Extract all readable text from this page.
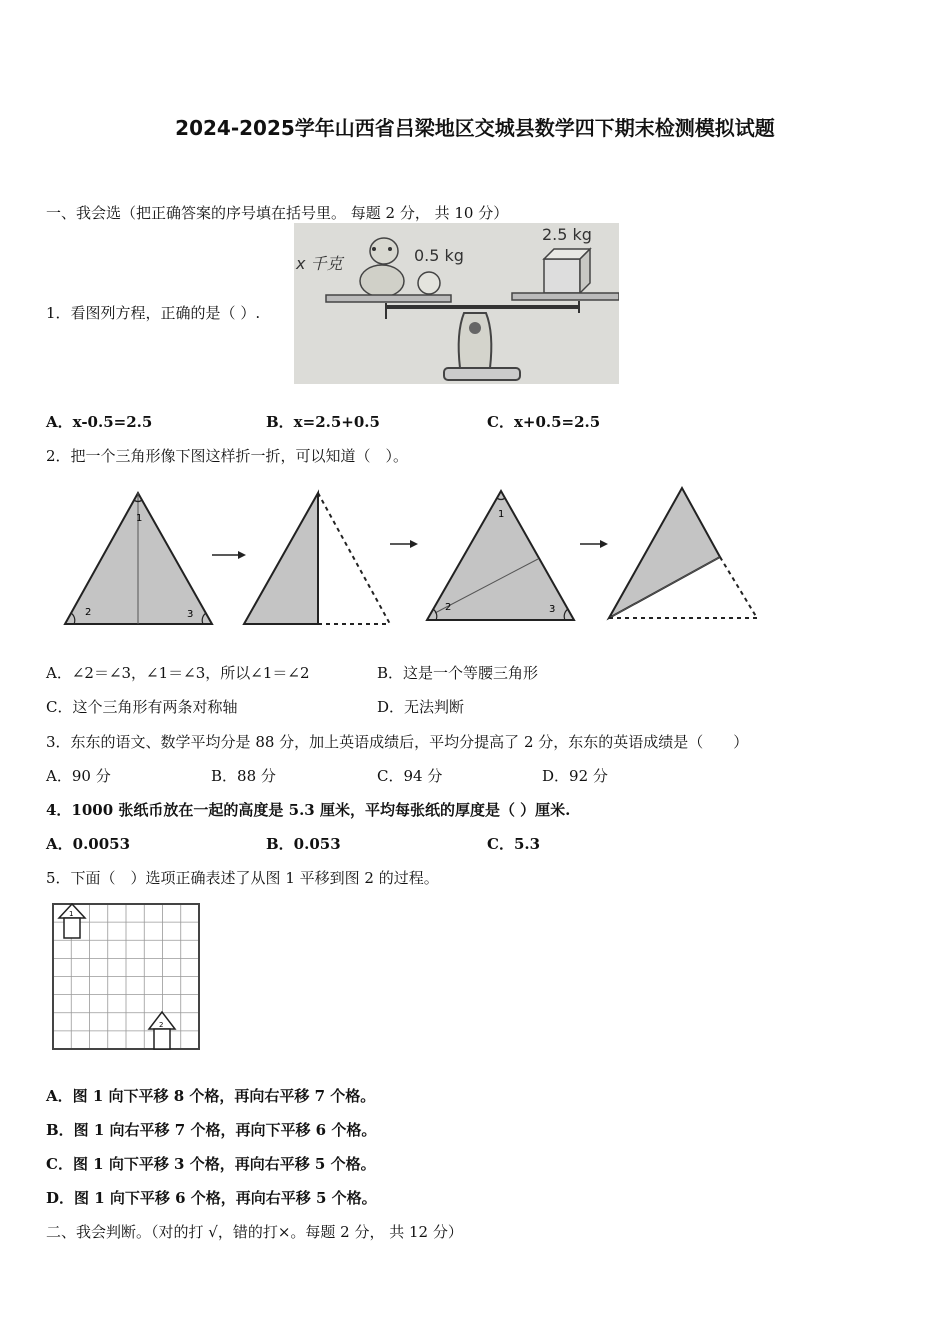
2024-2025学年山西省吕梁地区交城县数学四下期末检测模拟试题
一、我会选（把正确答案的序号填在括号里。 每题 2 分， 共 10 分）
1．看图列方程，正确的是（ ）.
x 千克	0.5 kg
2.5 kg
A．x-0.5=2.5	B．x=2.5+0.5	C．x+0.5=2.5
2．把一个三角形像下图这样折一折，可以知道（　）。
1
2	3
1
2	3
A．∠2＝∠3，∠1＝∠3，所以∠1＝∠2	B．这是一个等腰三角形
C．这个三角形有两条对称轴	D．无法判断
3．东东的语文、数学平均分是 88 分，加上英语成绩后，平均分提高了 2 分，东东的英语成绩是（　　）
A．90 分	B．88 分	C．94 分	D．92 分
4．1000 张纸币放在一起的高度是 5.3 厘米，平均每张纸的厚度是（ ）厘米.
A．0.0053	B．0.053	C．5.3
5．下面（　）选项正确表述了从图 1 平移到图 2 的过程。
1
2
A．图 1 向下平移 8 个格，再向右平移 7 个格。
B．图 1 向右平移 7 个格，再向下平移 6 个格。
C．图 1 向下平移 3 个格，再向右平移 5 个格。
D．图 1 向下平移 6 个格，再向右平移 5 个格。
二、我会判断。（对的打 √，错的打×。每题 2 分， 共 12 分）
